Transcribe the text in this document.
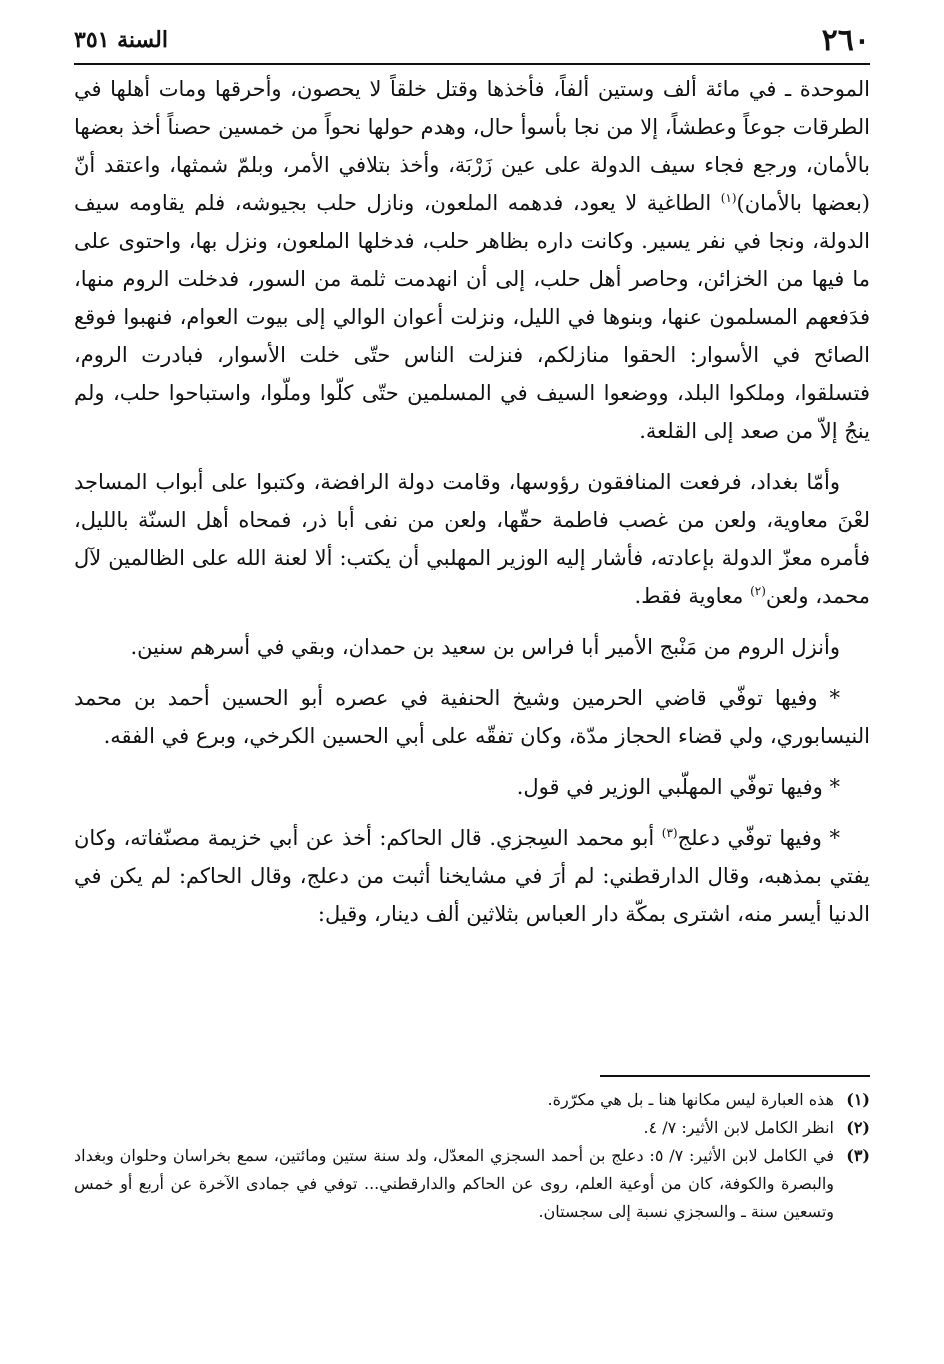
٢٦٠
السنة ٣٥١

الموحدة ـ في مائة ألف وستين ألفاً، فأخذها وقتل خلقاً لا يحصون، وأحرقها ومات أهلها في الطرقات جوعاً وعطشاً، إلا من نجا بأسوأ حال، وهدم حولها نحواً من خمسين حصناً أخذ بعضها بالأمان، ورجع فجاء سيف الدولة على عين زَرْبَة، وأخذ بتلافي الأمر، وبلمّ شمثها، واعتقد أنّ (بعضها بالأمان)$^{(١)}$ الطاغية لا يعود، فدهمه الملعون، ونازل حلب بجيوشه، فلم يقاومه سيف الدولة، ونجا في نفر يسير. وكانت داره بظاهر حلب، فدخلها الملعون، ونزل بها، واحتوى على ما فيها من الخزائن، وحاصر أهل حلب، إلى أن انهدمت ثلمة من السور، فدخلت الروم منها، فدَفعهم المسلمون عنها، وبنوها في الليل، ونزلت أعوان الوالي إلى بيوت العوام، فنهبوا فوقع الصائح في الأسوار: الحقوا منازلكم، فنزلت الناس حتّى خلت الأسوار، فبادرت الروم، فتسلقوا، وملكوا البلد، ووضعوا السيف في المسلمين حتّى كلّوا وملّوا، واستباحوا حلب، ولم ينجُ إلاّ من صعد إلى القلعة.

وأمّا بغداد، فرفعت المنافقون رؤوسها، وقامت دولة الرافضة، وكتبوا على أبواب المساجد لعْنَ معاوية، ولعن من غصب فاطمة حقّها، ولعن من نفى أبا ذر، فمحاه أهل السنّة بالليل، فأمره معزّ الدولة بإعادته، فأشار إليه الوزير المهلبي أن يكتب: ألا لعنة الله على الظالمين لآل محمد، ولعن$^{(٢)}$ معاوية فقط.

وأنزل الروم من مَنْبج الأمير أبا فراس بن سعيد بن حمدان، وبقي في أسرهم سنين.

* وفيها توفّي قاضي الحرمين وشيخ الحنفية في عصره أبو الحسين أحمد بن محمد النيسابوري، ولي قضاء الحجاز مدّة، وكان تفقّه على أبي الحسين الكرخي، وبرع في الفقه.

* وفيها توفّي المهلّبي الوزير في قول.

* وفيها توفّي دعلج$^{(٣)}$ أبو محمد السِجزي. قال الحاكم: أخذ عن أبي خزيمة مصنّفاته، وكان يفتي بمذهبه، وقال الدارقطني: لم أرَ في مشايخنا أثبت من دعلج، وقال الحاكم: لم يكن في الدنيا أيسر منه، اشترى بمكّة دار العباس بثلاثين ألف دينار، وقيل:

(١)
هذه العبارة ليس مكانها هنا ـ بل هي مكرّرة.
(٢)
انظر الكامل لابن الأثير: ٧/ ٤.
(٣)
في الكامل لابن الأثير: ٧/ ٥: دعلج بن أحمد السجزي المعدّل، ولد سنة ستين ومائتين، سمع بخراسان وحلوان وبغداد والبصرة والكوفة، كان من أوعية العلم، روى عن الحاكم والدارقطني... توفي في جمادى الآخرة عن أربع أو خمس وتسعين سنة ـ والسجزي نسبة إلى سجستان.
